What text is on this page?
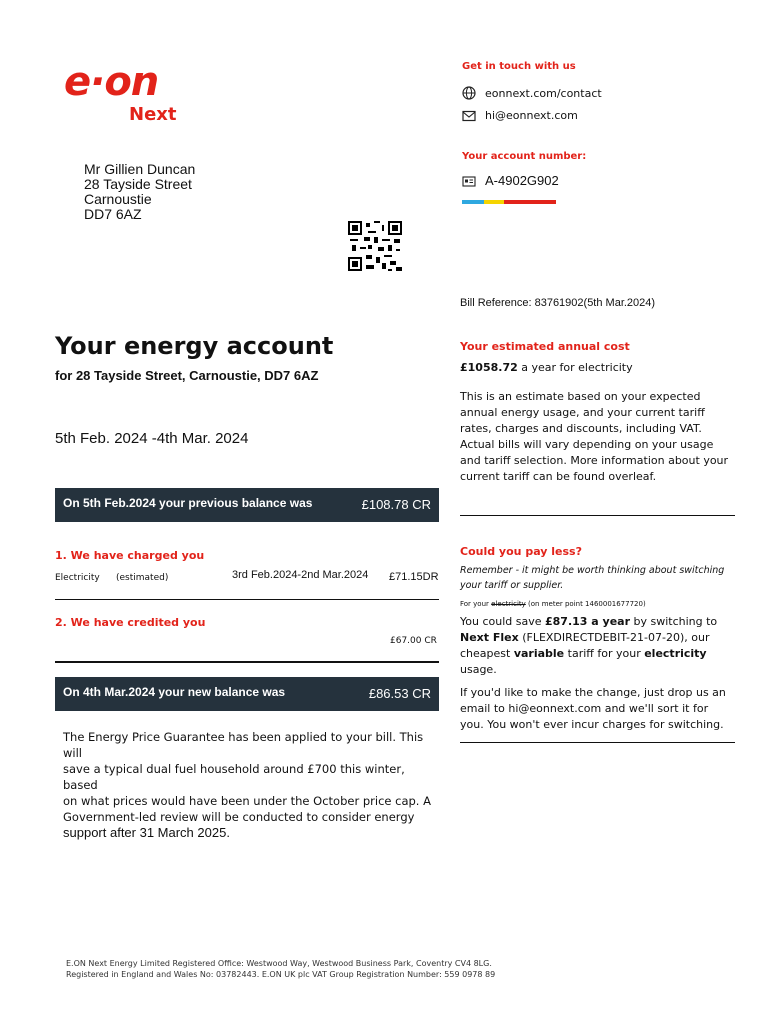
e·on
Next
Mr Gillien Duncan
28 Tayside Street
Carnoustie
DD7 6AZ
Get in touch with us
eonnext.com/contact
hi@eonnext.com
Your account number:
A-4902G902
Bill Reference: 83761902(5th Mar.2024)
Your energy account
for 28 Tayside Street, Carnoustie, DD7 6AZ
5th Feb. 2024 -4th Mar. 2024
On 5th Feb.2024 your previous balance was	£108.78 CR
1. We have charged you
Electricity (estimated)	3rd Feb.2024-2nd Mar.2024 £71.15DR
2. We have credited you
£67.00 CR
On 4th Mar.2024 your new balance was	£86.53 CR
The Energy Price Guarantee has been applied to your bill. This will
save a typical dual fuel household around £700 this winter, based
on what prices would have been under the October price cap. A
Government-led review will be conducted to consider energy
support after 31 March 2025.
Your estimated annual cost
£1058.72 a year for electricity
This is an estimate based on your expected
annual energy usage, and your current tariff
rates, charges and discounts, including VAT.
Actual bills will vary depending on your usage
and tariff selection. More information about your
current tariff can be found overleaf.
Could you pay less?
Remember - it might be worth thinking about switching
your tariff or supplier.
For your electricity (on meter point 1460001677720)
You could save £87.13 a year by switching to
Next Flex (FLEXDIRECTDEBIT-21-07-20), our
cheapest variable tariff for your electricity
usage.
If you'd like to make the change, just drop us an
email to hi@eonnext.com and we'll sort it for
you. You won't ever incur charges for switching.
E.ON Next Energy Limited Registered Office: Westwood Way, Westwood Business Park, Coventry CV4 8LG.
Registered in England and Wales No: 03782443. E.ON UK plc VAT Group Registration Number: 559 0978 89
